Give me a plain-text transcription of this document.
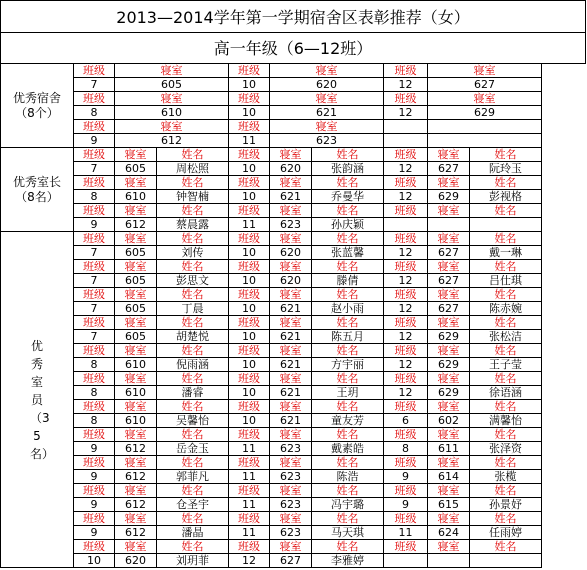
2013—2014学年第一学期宿舍区表彰推荐（女）
高一年级（6—12班）
优秀宿舍
（8个）	班级	寝室		班级	寝室		班级	寝室	
	7	605		10	620		12	627	
	班级	寝室		班级	寝室		班级	寝室	
	8	610		10	621		12	629	
	班级	寝室		班级	寝室				
	9	612		11	623				

优秀室长
（8名）	班级	寝室	姓名	班级	寝室	姓名	班级	寝室	姓名
	7	605	周松照	10	620	张韵涵	12	627	阮玲玉
	班级	寝室	姓名	班级	寝室	姓名	班级	寝室	姓名
	8	610	钟智楠	10	621	乔曼华	12	629	彭视格
	班级	寝室	姓名	班级	寝室	姓名	班级	寝室	姓名
	9	612	蔡晨露	11	623	孙庆颖			
优秀室员（35名）	班级	寝室	姓名	班级	寝室	姓名	班级	寝室	姓名
	7	605	刘传	10	620	张蓝馨	12	627	戴一琳
	班级	寝室	姓名	班级	寝室	姓名	班级	寝室	姓名
	7	605	彭思文	10	620	滕倩	12	627	吕仕琪
	班级	寝室	姓名	班级	寝室	姓名	班级	寝室	姓名
	7	605	丁晨	10	621	赵小雨	12	627	陈赤婉
	班级	寝室	姓名	班级	寝室	姓名	班级	寝室	姓名
	7	605	胡楚悦	10	621	陈五月	12	629	张松洁
	班级	寝室	姓名	班级	寝室	姓名	班级	寝室	姓名
	8	610	倪雨涵	10	621	方宇丽	12	629	王子莹
	班级	寝室	姓名	班级	寝室	姓名	班级	寝室	姓名
	8	610	潘睿	10	621	王玥	12	629	徐语涵
	班级	寝室	姓名	班级	寝室	姓名	班级	寝室	姓名
	8	610	吴馨怡	10	621	童友芳	6	602	满馨怡
	班级	寝室	姓名	班级	寝室	姓名	班级	寝室	姓名
	9	612	岳金玉	11	623	戴素皓	8	611	张泽资
	班级	寝室	姓名	班级	寝室	姓名	班级	寝室	姓名
	9	612	郭菲凡	11	623	陈浩	9	614	张榄
	班级	寝室	姓名	班级	寝室	姓名	班级	寝室	姓名
	9	612	仓圣宇	11	623	冯宇璐	9	615	孙景妤
	班级	寝室	姓名	班级	寝室	姓名	班级	寝室	姓名
	9	612	潘晶	11	623	马天琪	11	624	任雨婷
	班级	寝室	姓名	班级	寝室	姓名	班级	寝室	姓名
	10	620	刘玥菲	12	627	李雅婷			
